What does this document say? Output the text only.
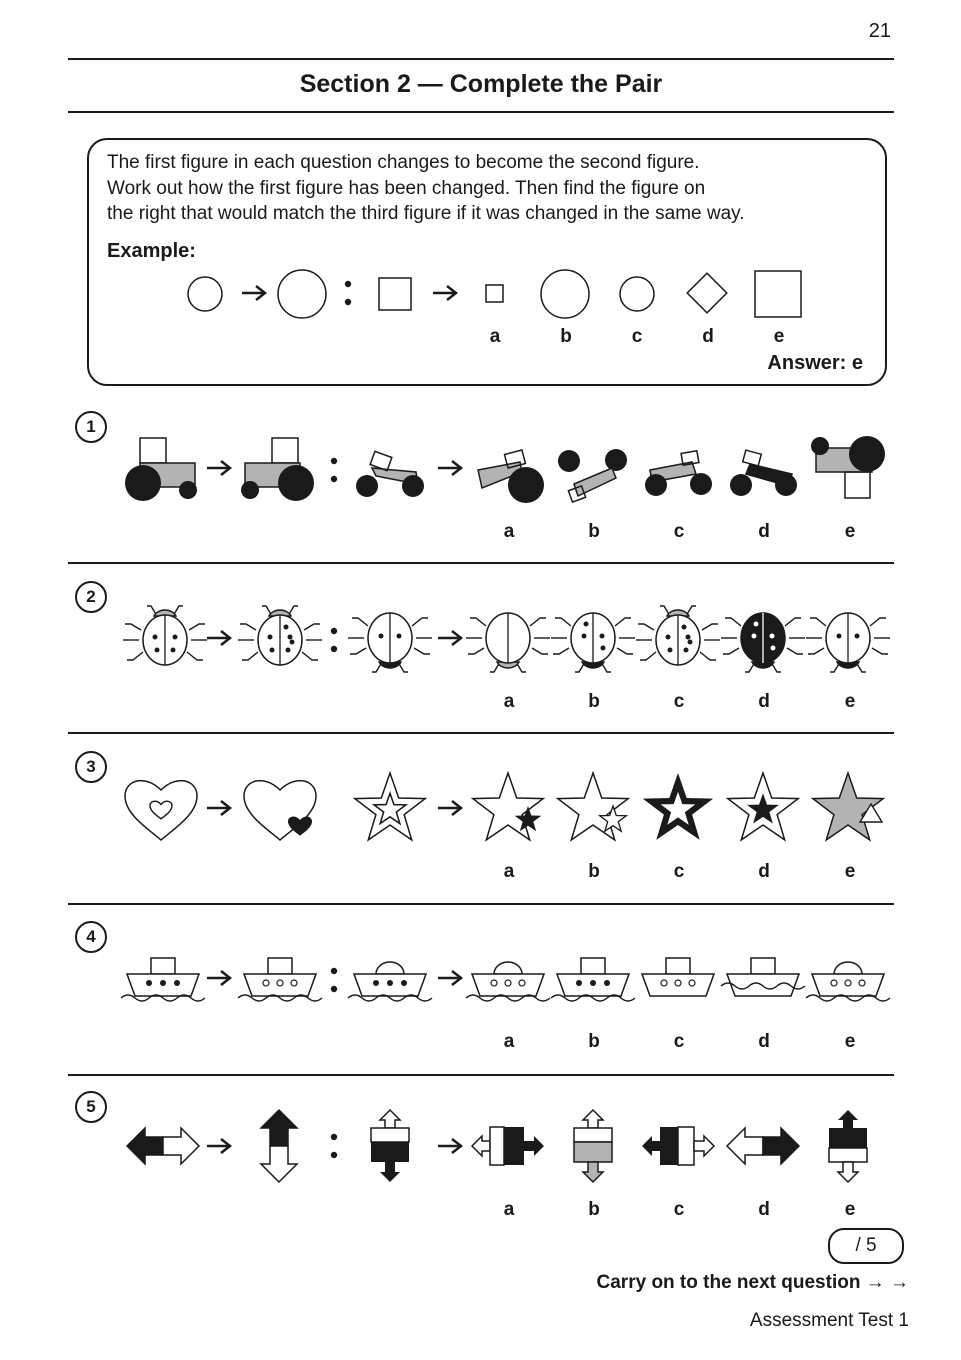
21
Section 2 — Complete the Pair
The first figure in each question changes to become the second figure.
Work out how the first figure has been changed. Then find the figure on
the right that would match the third figure if it was changed in the same way.
Example:
Answer: e
a	b	c	d	e
1
a	b	c	d	e
2
a	b	c	d	e
3
a	b	c	d	e
4
a	b	c	d	e
5
a	b	c	d	e
/ 5
Carry on to the next question → →
Assessment Test 1
